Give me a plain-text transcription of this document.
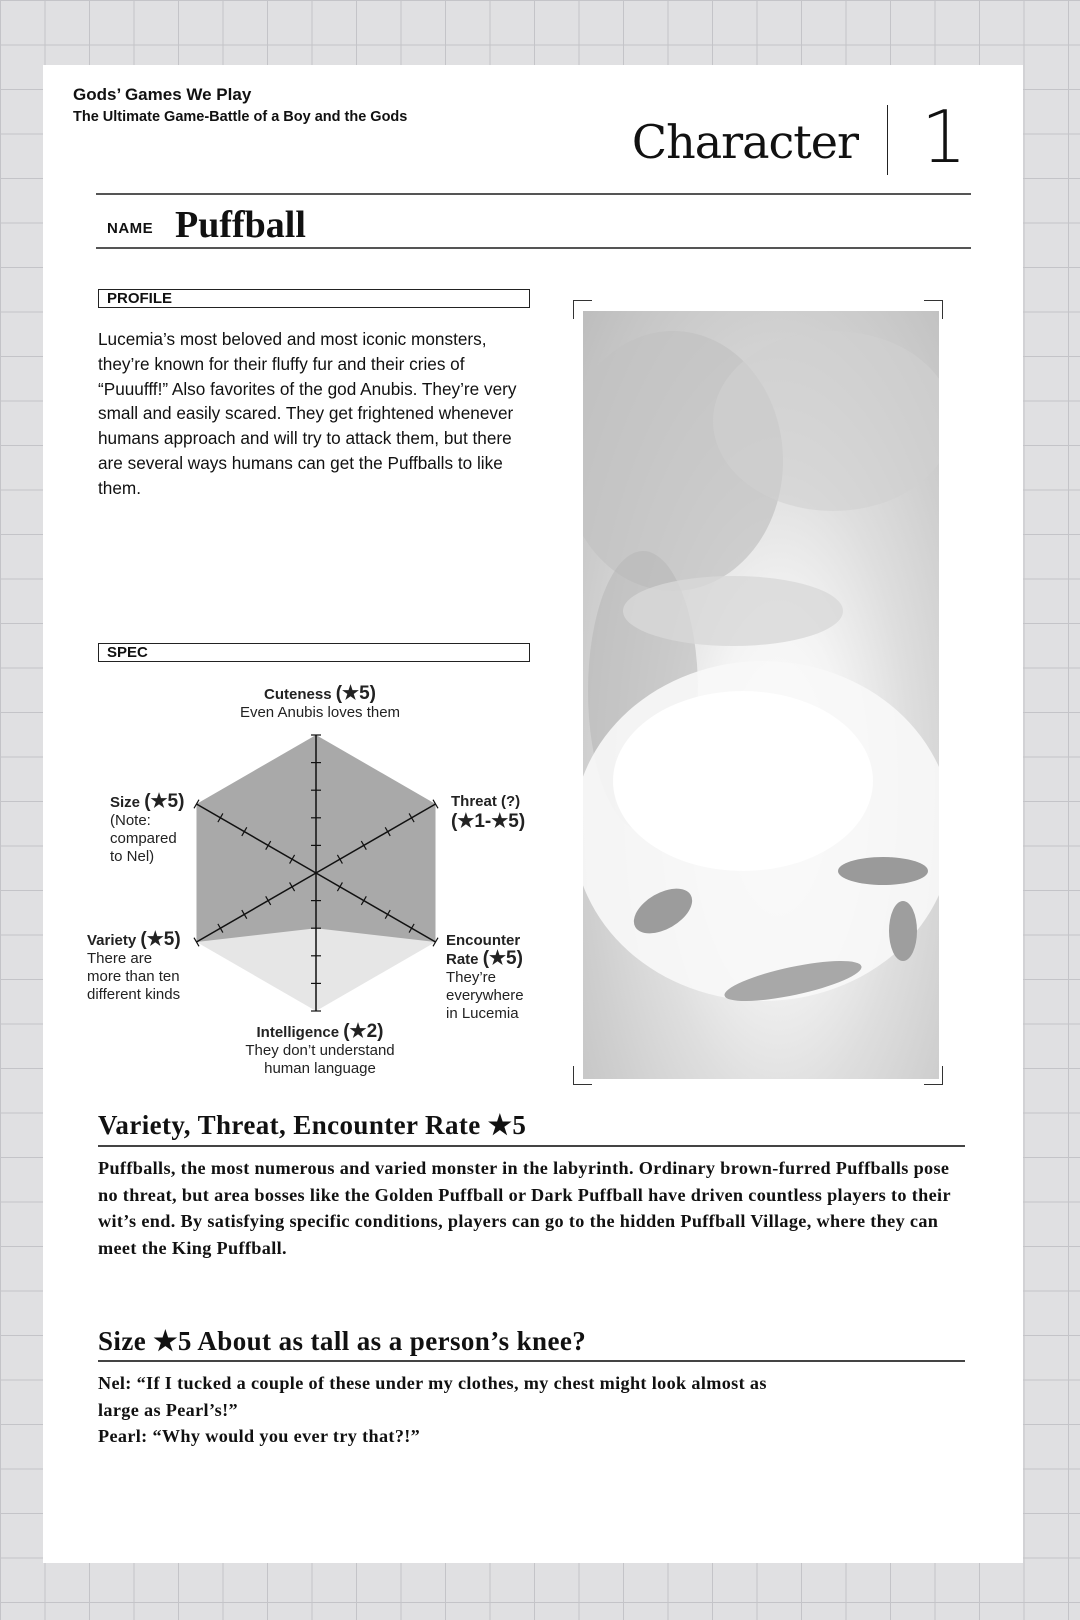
Gods’ Games We Play
The Ultimate Game-Battle of a Boy and the Gods	Character 1
NAME Puffball
PROFILE
Lucemia’s most beloved and most iconic monsters, they’re known for their fluffy fur and their cries of “Puuufff!” Also favorites of the god Anubis. They’re very small and easily scared. They get frightened whenever humans approach and will try to attack them, but there are several ways humans can get the Puffballs to like them.
SPEC
Cuteness (★5)
Even Anubis loves them
Threat (?)
(★1-★5)
Encounter
Rate (★5)
They’re
everywhere
in Lucemia
Intelligence (★2)
They don’t understand
human language
Variety (★5)
There are
more than ten
different kinds
Size (★5)
(Note:
compared
to Nel)
Variety, Threat, Encounter Rate ★5
Puffballs, the most numerous and varied monster in the labyrinth. Ordinary brown-furred Puffballs pose no threat, but area bosses like the Golden Puffball or Dark Puffball have driven countless players to their wit’s end. By satisfying specific conditions, players can go to the hidden Puffball Village, where they can meet the King Puffball.
Size ★5 About as tall as a person’s knee?
Nel: “If I tucked a couple of these under my clothes, my chest might look almost as
large as Pearl’s!”
Pearl: “Why would you ever try that?!”
